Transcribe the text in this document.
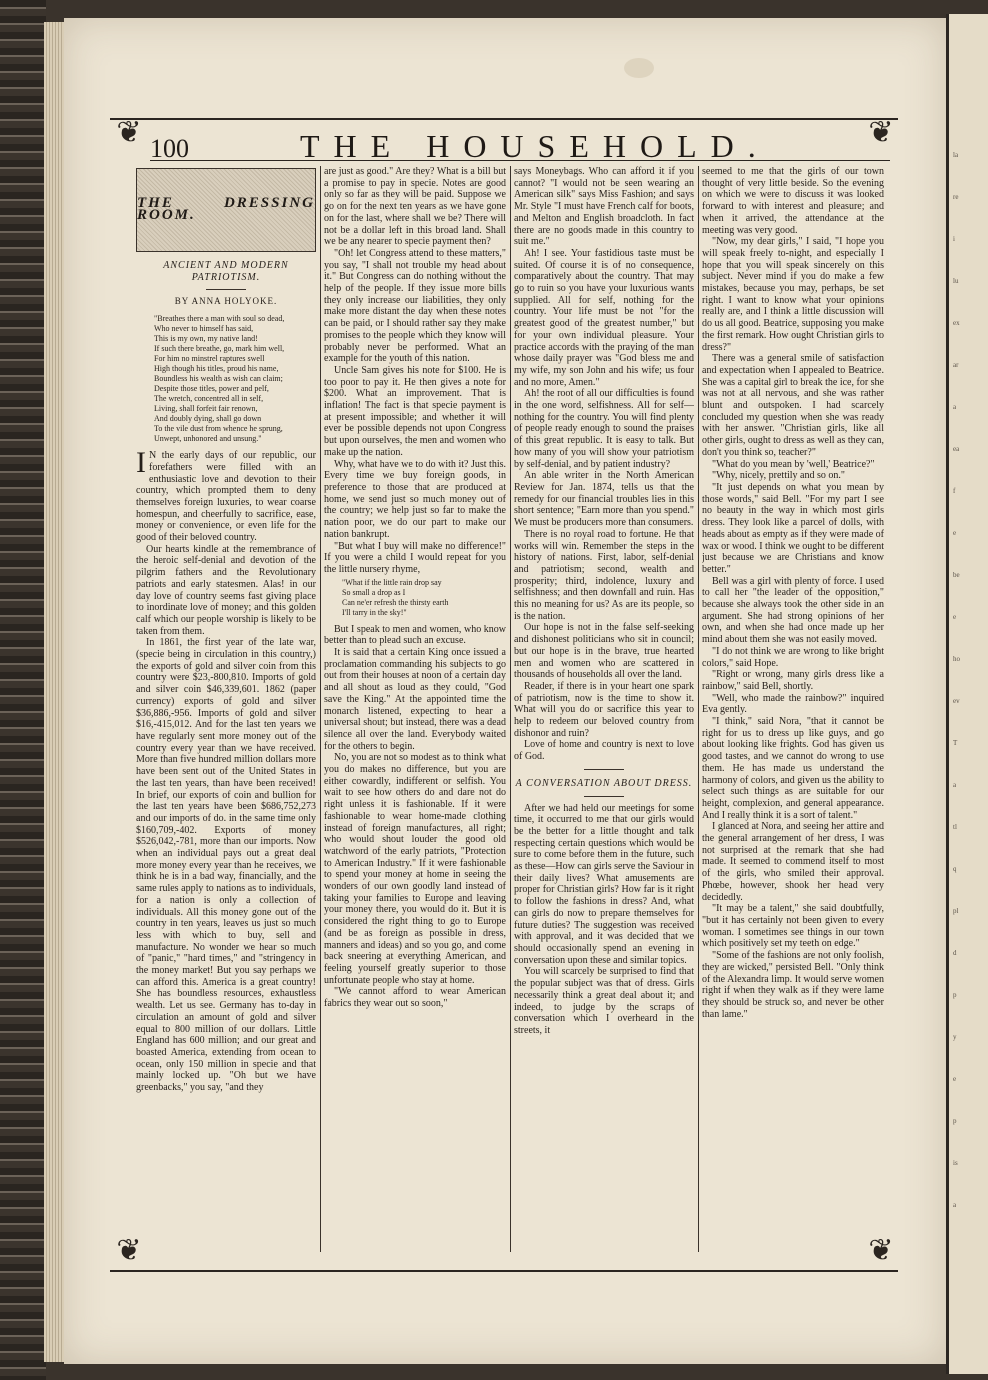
la
re
i
lu
ex
ar
a
ea
f
e
be
e
ho
ev
T
a
tl
q
pl
d
p
y
e
p
is
a
❦	❦
❦	❦
100	THE HOUSEHOLD.
THE DRESSING ROOM.
ANCIENT AND MODERN PATRIOTISM.
BY ANNA HOLYOKE.
"Breathes there a man with soul so dead,
Who never to himself has said,
This is my own, my native land!
If such there breathe, go, mark him well,
For him no minstrel raptures swell
High though his titles, proud his name,
Boundless his wealth as wish can claim;
Despite those titles, power and pelf,
The wretch, concentred all in self,
Living, shall forfeit fair renown,
And doubly dying, shall go down
To the vile dust from whence he sprung,
Unwept, unhonored and unsung."
I N the early days of our republic, our forefathers were filled with an enthusiastic love and devotion to their country, which prompted them to deny themselves foreign luxuries, to wear coarse homespun, and cheerfully to sacrifice, ease, money or convenience, or even life for the good of their beloved country.

Our hearts kindle at the remembrance of the heroic self-denial and devotion of the pilgrim fathers and the Revolutionary patriots and early statesmen. Alas! in our day love of country seems fast giving place to inordinate love of money; and this golden calf which our people worship is likely to be taken from them.

In 1861, the first year of the late war, (specie being in circulation in this country,) the exports of gold and silver coin from this country were $23,-800,810. Imports of gold and silver coin $46,339,601. 1862 (paper currency) exports of gold and silver $36,886,-956. Imports of gold and silver $16,-415,012. And for the last ten years we have regularly sent more money out of the country every year than we have received. More than five hundred million dollars more have been sent out of the United States in the last ten years, than have been received! In brief, our exports of coin and bullion for the last ten years have been $686,752,273 and our imports of do. in the same time only $160,709,-402. Exports of money $526,042,-781, more than our imports. Now when an individual pays out a great deal more money every year than he receives, we think he is in a bad way, financially, and the same rules apply to nations as to individuals, for a nation is only a collection of individuals. All this money gone out of the country in ten years, leaves us just so much less with which to buy, sell and manufacture. No wonder we hear so much of "panic," "hard times," and "stringency in the money market! But you say perhaps we can afford this. America is a great country! She has boundless resources, exhaustless wealth. Let us see. Germany has to-day in circulation an amount of gold and silver equal to 800 million of our dollars. Little England has 600 million; and our great and boasted America, extending from ocean to ocean, only 150 million in specie and that mainly locked up. "Oh but we have greenbacks," you say, "and they

are just as good." Are they? What is a bill but a promise to pay in specie. Notes are good only so far as they will be paid. Suppose we go on for the next ten years as we have gone on for the last, where shall we be? There will not be a dollar left in this broad land. Shall we be any nearer to specie payment then?

"Oh! let Congress attend to these matters," you say, "I shall not trouble my head about it." But Congress can do nothing without the help of the people. If they issue more bills they only increase our liabilities, they only make more distant the day when these notes can be paid, or I should rather say they make promises to the people which they know will probably never be performed. What an example for the youth of this nation.

Uncle Sam gives his note for $100. He is too poor to pay it. He then gives a note for $200. What an improvement. That is inflation! The fact is that specie payment is at present impossible; and whether it will ever be possible depends not upon Congress but upon ourselves, the men and women who make up the nation.

Why, what have we to do with it? Just this. Every time we buy foreign goods, in preference to those that are produced at home, we send just so much money out of the country; we help just so far to make the nation poor, we do our part to make our nation bankrupt.

"But what I buy will make no difference!" If you were a child I would repeat for you the little nursery rhyme,

"What if the little rain drop say
So small a drop as I
Can ne'er refresh the thirsty earth
I'll tarry in the sky!"

But I speak to men and women, who know better than to plead such an excuse.

It is said that a certain King once issued a proclamation commanding his subjects to go out from their houses at noon of a certain day and all shout as loud as they could, "God save the King." At the appointed time the monarch listened, expecting to hear a universal shout; but instead, there was a dead silence all over the land. Everybody waited for the others to begin.

No, you are not so modest as to think what you do makes no difference, but you are either cowardly, indifferent or selfish. You wait to see how others do and dare not do right unless it is fashionable. If it were fashionable to wear home-made clothing instead of foreign manufactures, all right; who would shout louder the good old watchword of the early patriots, "Protection to American Industry." If it were fashionable to spend your money at home in seeing the wonders of our own goodly land instead of taking your families to Europe and leaving your money there, you would do it. But it is considered the right thing to go to Europe (and be as foreign as possible in dress, manners and ideas) and so you go, and come back sneering at everything American, and feeling yourself greatly superior to those unfortunate people who stay at home.

"We cannot afford to wear American fabrics they wear out so soon,"

says Moneybags. Who can afford it if you cannot? "I would not be seen wearing an American silk" says Miss Fashion; and says Mr. Style "I must have French calf for boots, and Melton and English broadcloth. In fact there are no goods made in this country to suit me."

Ah! I see. Your fastidious taste must be suited. Of course it is of no consequence, comparatively about the country. That may go to ruin so you have your luxurious wants supplied. All for self, nothing for the country. Your life must be not "for the greatest good of the greatest number," but for your own individual pleasure. Your practice accords with the praying of the man whose daily prayer was "God bless me and my wife, my son John and his wife; us four and no more, Amen."

Ah! the root of all our difficulties is found in the one word, selfishness. All for self—nothing for the country. You will find plenty of people ready enough to sound the praises of this great republic. It is easy to talk. But how many of you will show your patriotism by self-denial, and by patient industry?

An able writer in the North American Review for Jan. 1874, tells us that the remedy for our financial troubles lies in this short sentence; "Earn more than you spend." We must be producers more than consumers.

There is no royal road to fortune. He that works will win. Remember the steps in the history of nations. First, labor, self-denial and patriotism; second, wealth and prosperity; third, indolence, luxury and selfishness; and then downfall and ruin. Has this no meaning for us? As are its people, so is the nation.

Our hope is not in the false self-seeking and dishonest politicians who sit in council; but our hope is in the brave, true hearted men and women who are scattered in thousands of households all over the land.

Reader, if there is in your heart one spark of patriotism, now is the time to show it. What will you do or sacrifice this year to help to redeem our beloved country from dishonor and ruin?

Love of home and country is next to love of God.

A CONVERSATION ABOUT DRESS.

After we had held our meetings for some time, it occurred to me that our girls would be the better for a little thought and talk respecting certain questions which would be sure to come before them in the future, such as these—How can girls serve the Saviour in their daily lives? What amusements are proper for Christian girls? How far is it right to follow the fashions in dress? And, what can girls do now to prepare themselves for future duties? The suggestion was received with approval, and it was decided that we should occasionally spend an evening in conversation upon these and similar topics.

You will scarcely be surprised to find that the popular subject was that of dress. Girls necessarily think a great deal about it; and indeed, to judge by the scraps of conversation which I overheard in the streets, it

seemed to me that the girls of our town thought of very little beside. So the evening on which we were to discuss it was looked forward to with interest and pleasure; and when it arrived, the attendance at the meeting was very good.

"Now, my dear girls," I said, "I hope you will speak freely to-night, and especially I hope that you will speak sincerely on this subject. Never mind if you do make a few mistakes, because you may, perhaps, be set right. I want to know what your opinions really are, and I think a little discussion will do us all good. Beatrice, supposing you make the first remark. How ought Christian girls to dress?"

There was a general smile of satisfaction and expectation when I appealed to Beatrice. She was a capital girl to break the ice, for she was not at all nervous, and she was rather blunt and outspoken. I had scarcely concluded my question when she was ready with her answer. "Christian girls, like all other girls, ought to dress as well as they can, don't you think so, teacher?"

"What do you mean by 'well,' Beatrice?"

"Why, nicely, prettily and so on."

"It just depends on what you mean by those words," said Bell. "For my part I see no beauty in the way in which most girls dress. They look like a parcel of dolls, with heads about as empty as if they were made of wax or wood. I think we ought to be different just because we are Christians and know better."

Bell was a girl with plenty of force. I used to call her "the leader of the opposition," because she always took the other side in an argument. She had strong opinions of her own, and when she had once made up her mind about them she was not easily moved.

"I do not think we are wrong to like bright colors," said Hope.

"Right or wrong, many girls dress like a rainbow," said Bell, shortly.

"Well, who made the rainbow?" inquired Eva gently.

"I think," said Nora, "that it cannot be right for us to dress up like guys, and go about looking like frights. God has given us good tastes, and we cannot do wrong to use them. He has made us understand the harmony of colors, and given us the ability to select such things as are suitable for our height, complexion, and general appearance. And I really think it is a sort of talent."

I glanced at Nora, and seeing her attire and the general arrangement of her dress, I was not surprised at the remark that she had made. It seemed to commend itself to most of the girls, who smiled their approval. Phœbe, however, shook her head very decidedly.

"It may be a talent," she said doubtfully, "but it has certainly not been given to every woman. I sometimes see things in our town which positively set my teeth on edge."

"Some of the fashions are not only foolish, they are wicked," persisted Bell. "Only think of the Alexandra limp. It would serve women right if when they walk as if they were lame they should be struck so, and never be other than lame."
